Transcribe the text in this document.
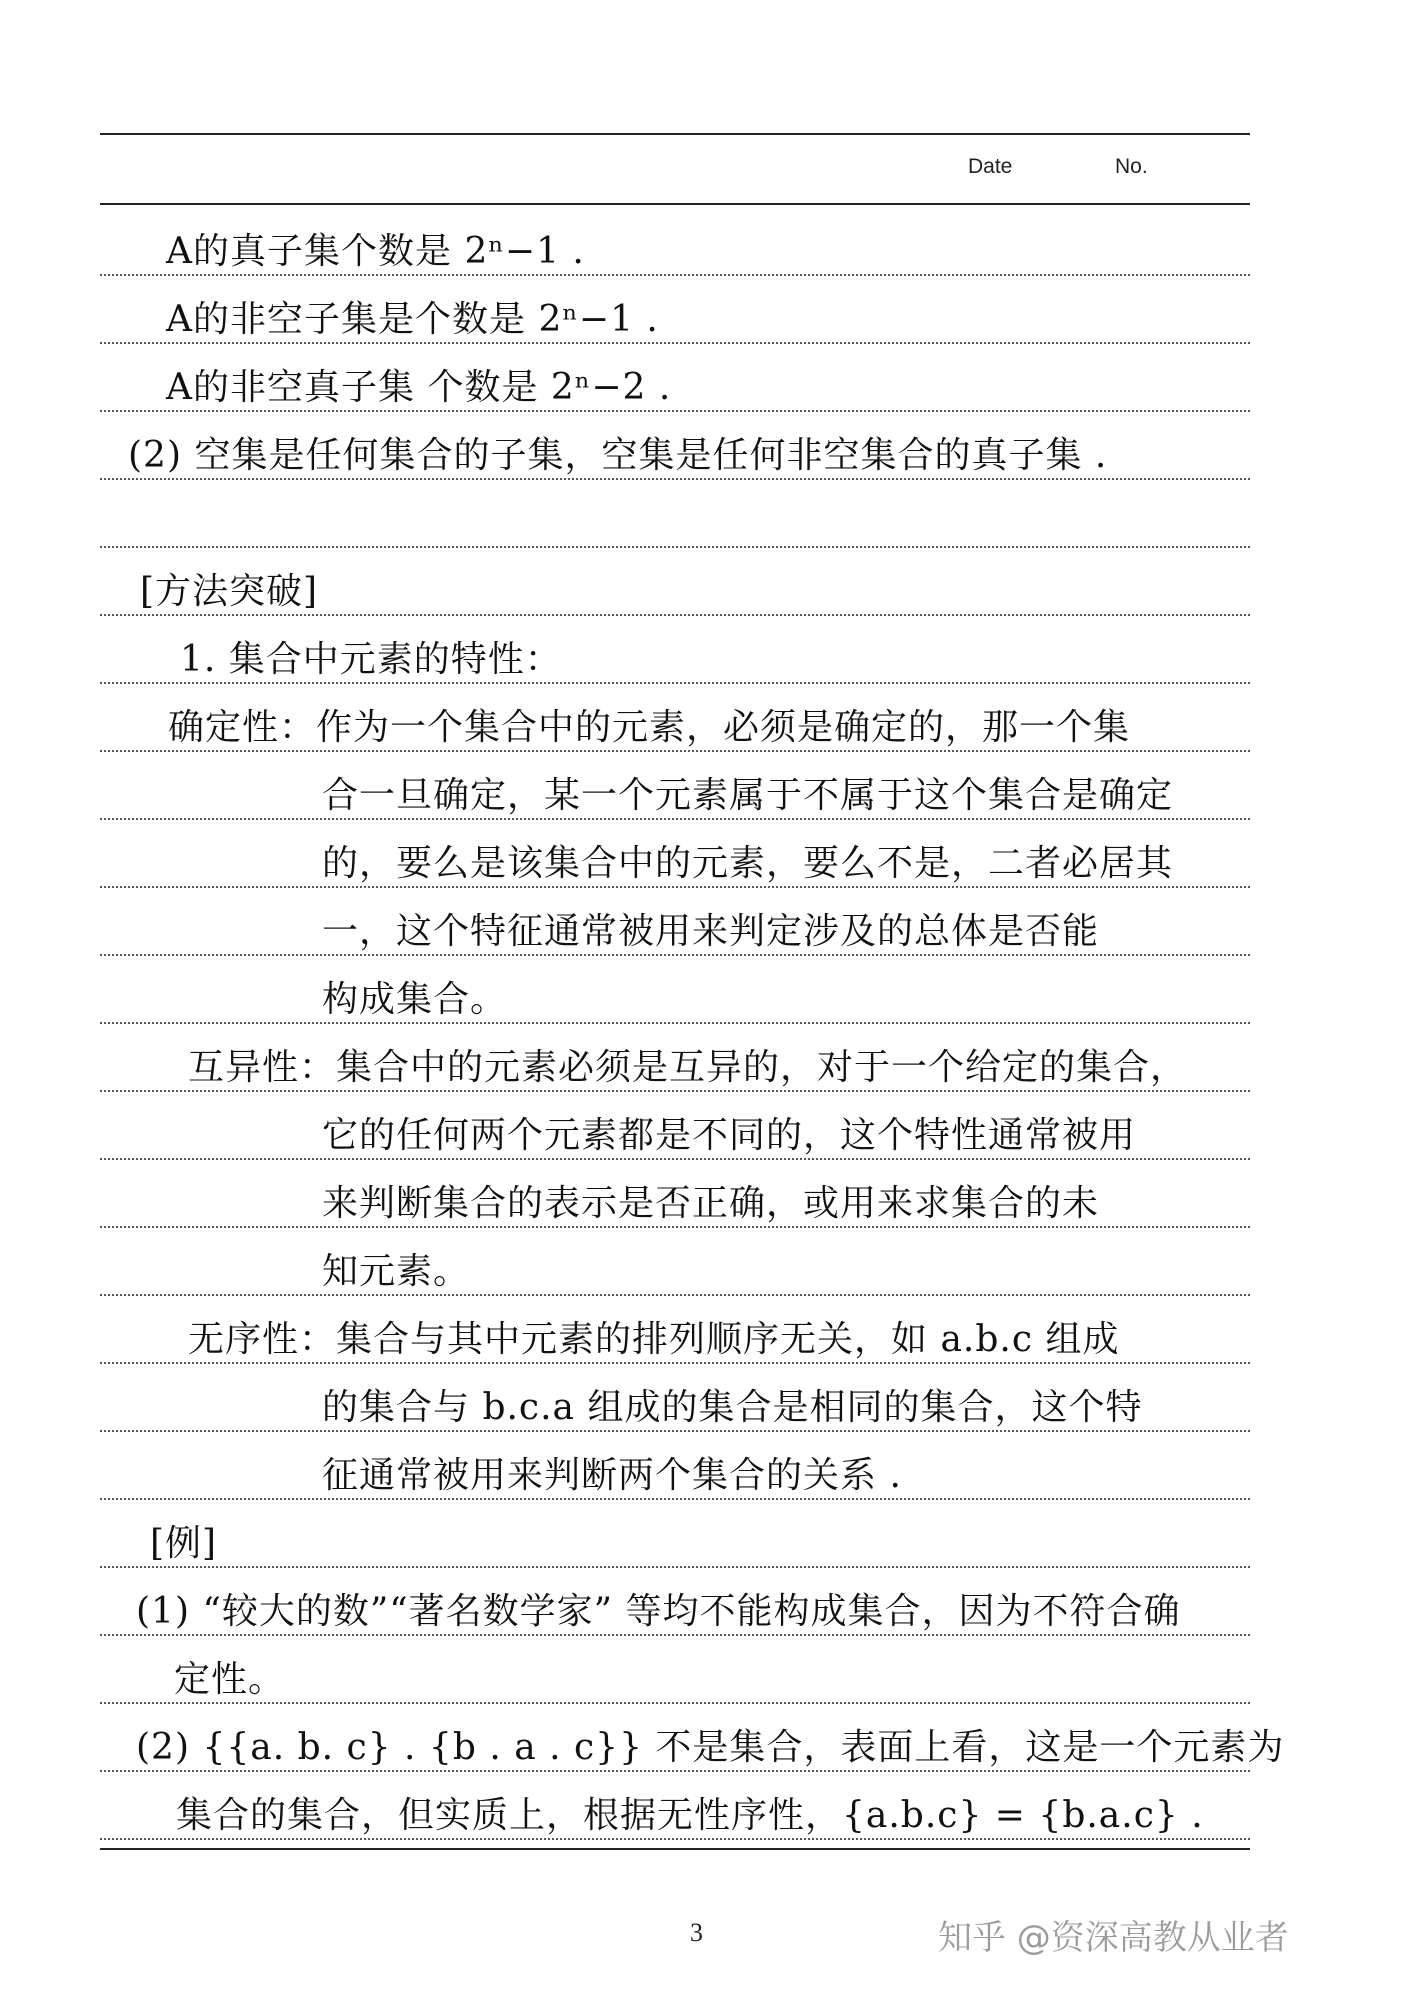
Date	No.
A的真子集个数是 2ⁿ−1 .
A的非空子集是个数是 2ⁿ−1 .
A的非空真子集 个数是 2ⁿ−2 .
(2) 空集是任何集合的子集，空集是任何非空集合的真子集 .
[方法突破]
1. 集合中元素的特性：
确定性：作为一个集合中的元素，必须是确定的，那一个集
合一旦确定，某一个元素属于不属于这个集合是确定
的，要么是该集合中的元素，要么不是，二者必居其
一，这个特征通常被用来判定涉及的总体是否能
构成集合。
互异性：集合中的元素必须是互异的，对于一个给定的集合，
它的任何两个元素都是不同的，这个特性通常被用
来判断集合的表示是否正确，或用来求集合的未
知元素。
无序性：集合与其中元素的排列顺序无关，如 a.b.c 组成
的集合与 b.c.a 组成的集合是相同的集合，这个特
征通常被用来判断两个集合的关系 .
[例]
(1) “较大的数”“著名数学家” 等均不能构成集合，因为不符合确
定性。
(2) {{a. b. c} . {b . a . c}} 不是集合，表面上看，这是一个元素为
集合的集合，但实质上，根据无性序性，{a.b.c} = {b.a.c} .
3	知乎 @资深高教从业者
